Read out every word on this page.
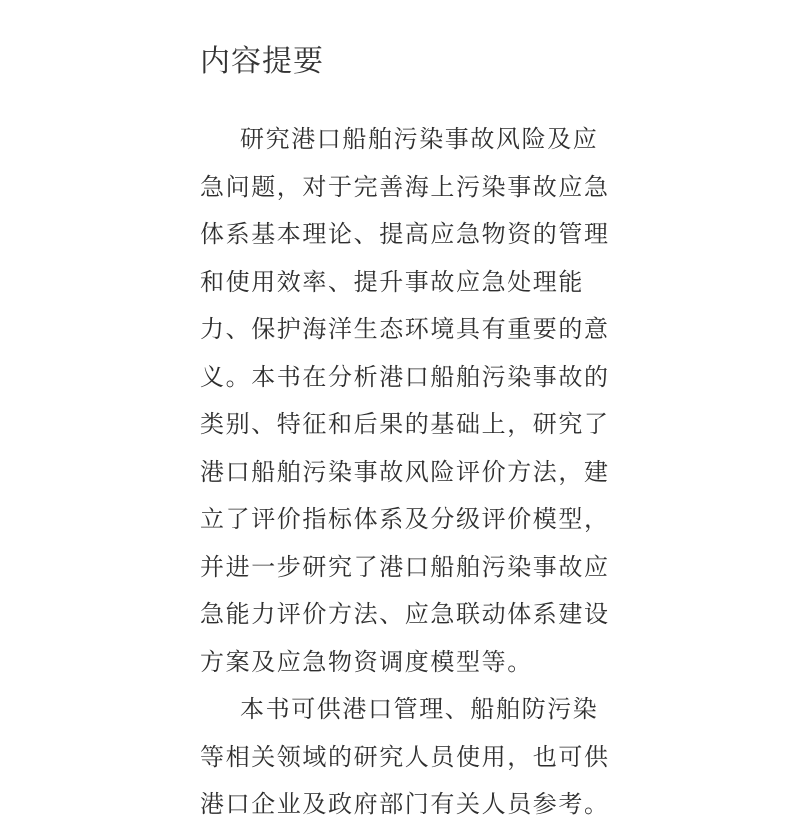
内容提要
研究港口船舶污染事故风险及应
急问题，对于完善海上污染事故应急
体系基本理论、提高应急物资的管理
和使用效率、提升事故应急处理能
力、保护海洋生态环境具有重要的意
义。本书在分析港口船舶污染事故的
类别、特征和后果的基础上，研究了
港口船舶污染事故风险评价方法，建
立了评价指标体系及分级评价模型，
并进一步研究了港口船舶污染事故应
急能力评价方法、应急联动体系建设
方案及应急物资调度模型等。
本书可供港口管理、船舶防污染
等相关领域的研究人员使用，也可供
港口企业及政府部门有关人员参考。
